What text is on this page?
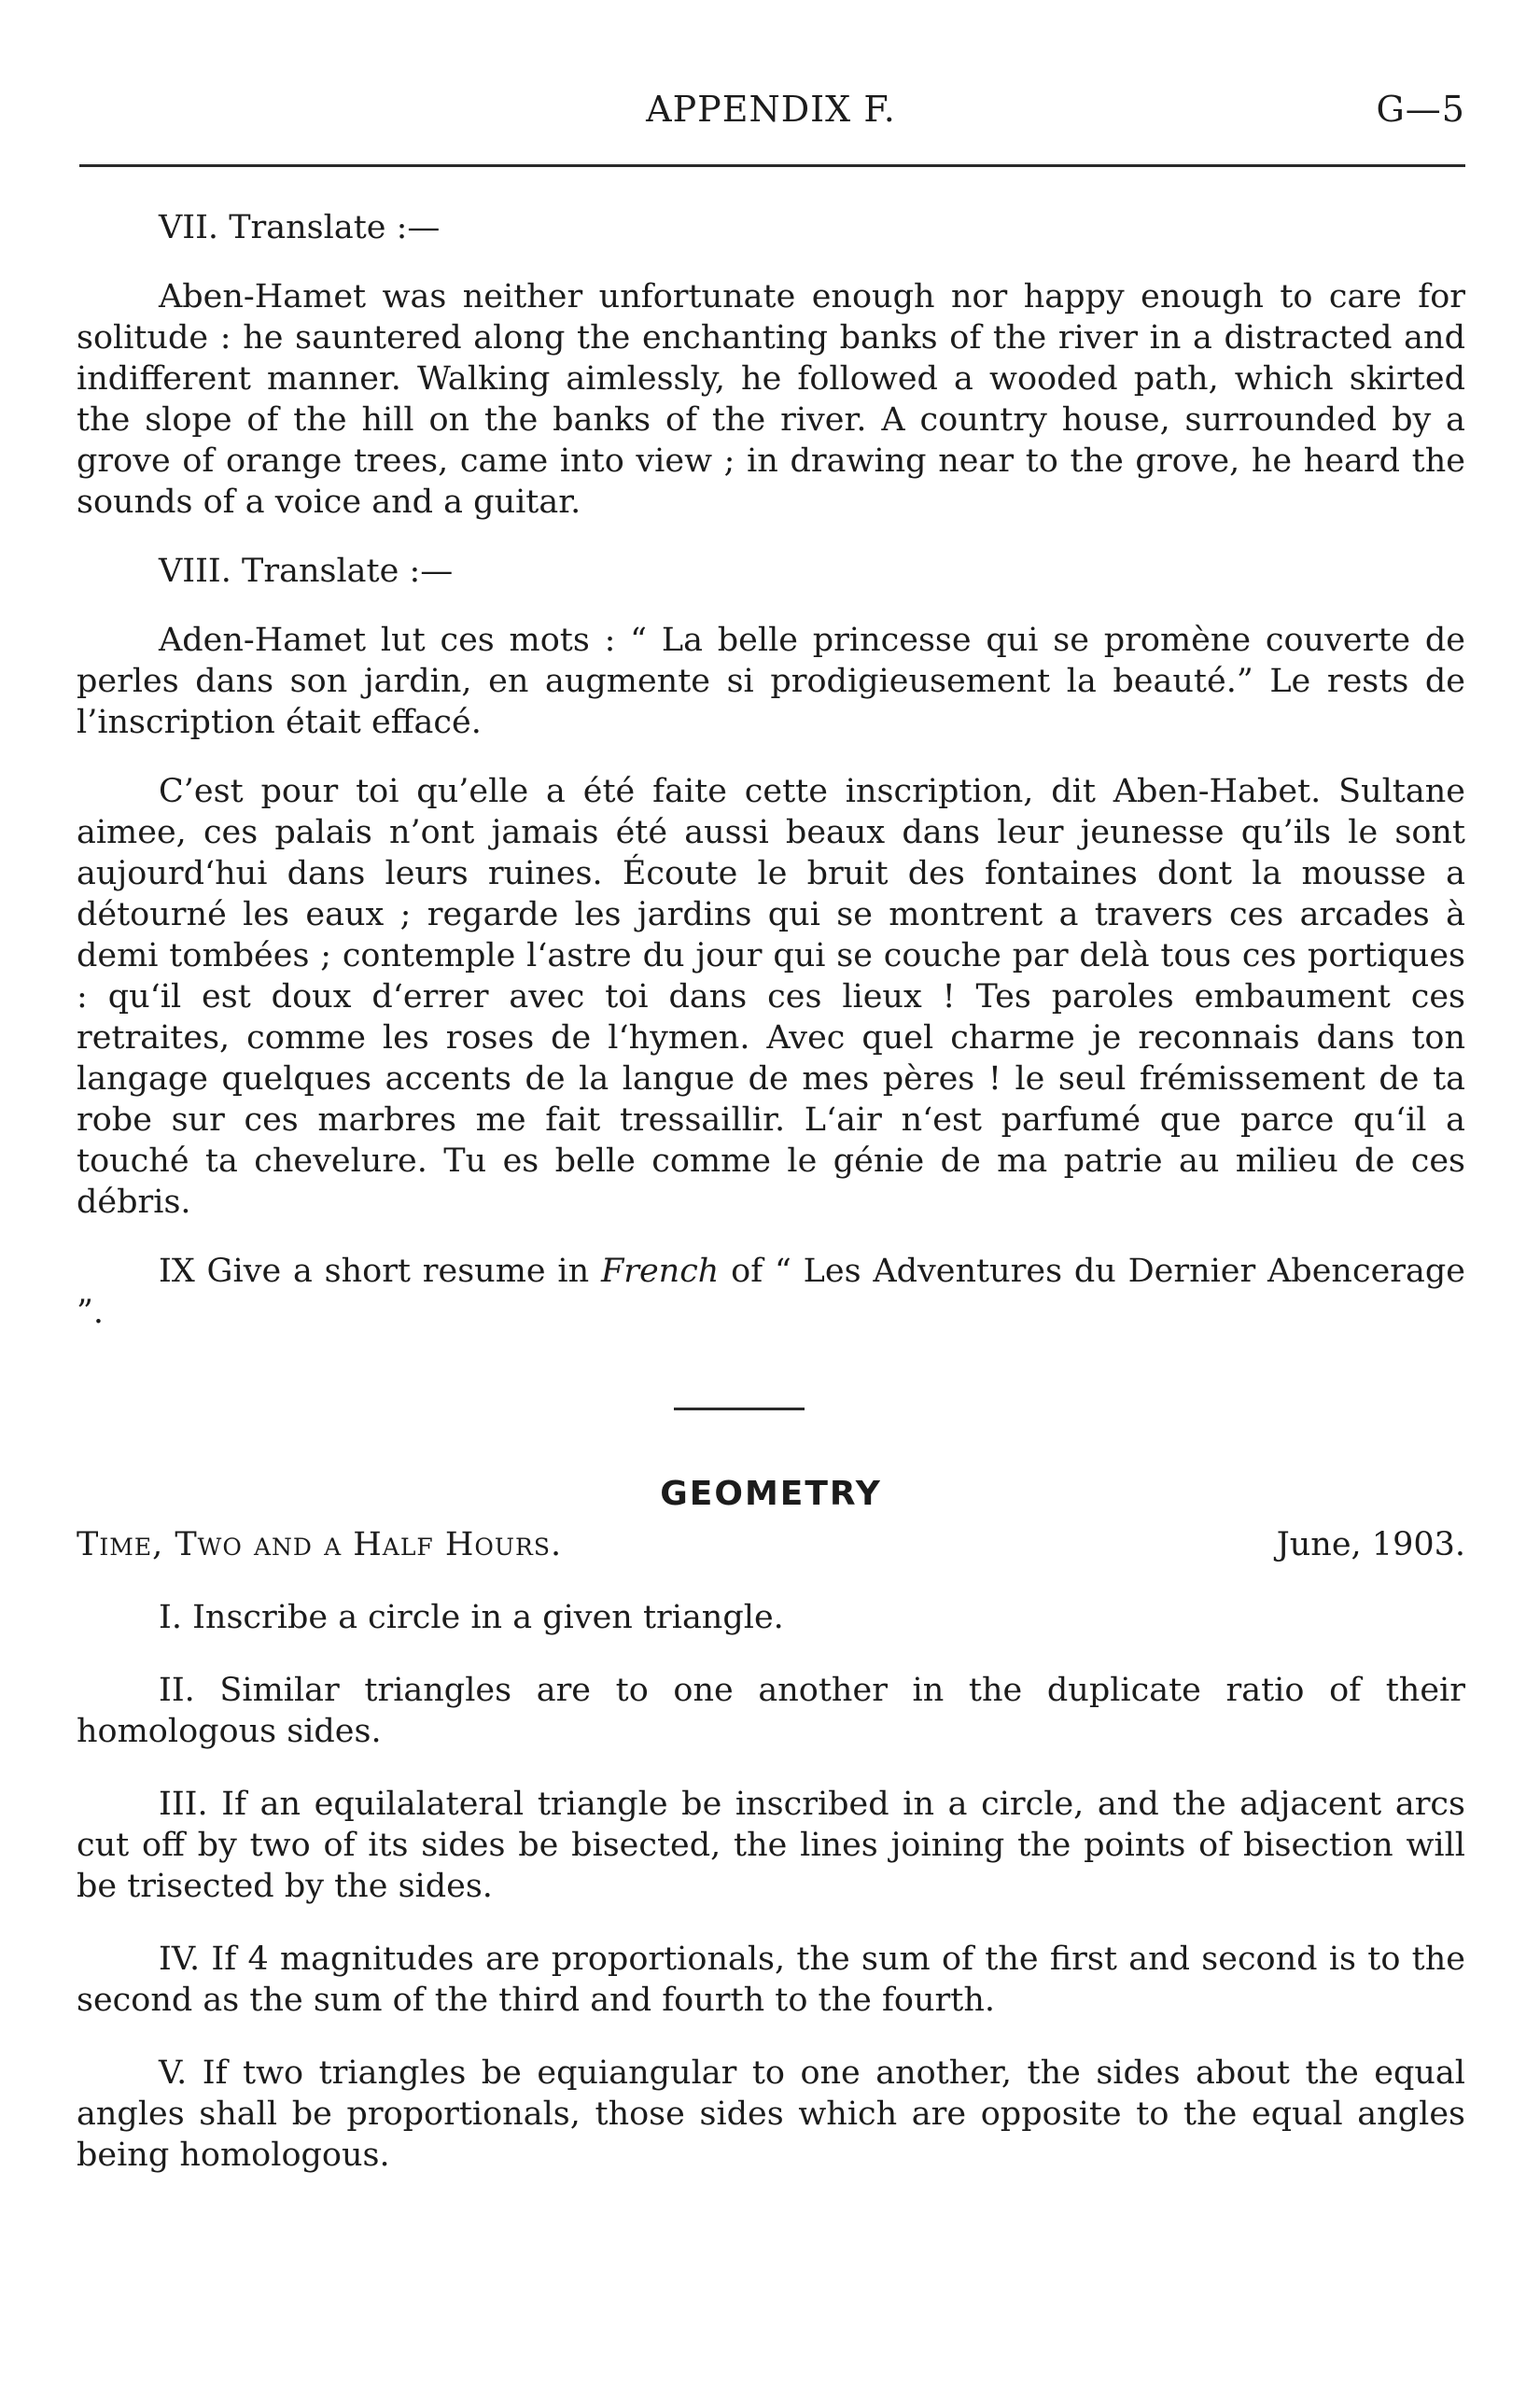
APPENDIX F.	G—5

VII. Translate :—

Aben-Hamet was neither unfortunate enough nor happy enough to care for solitude : he sauntered along the enchanting banks of the river in a distracted and indifferent manner. Walking aimlessly, he followed a wooded path, which skirted the slope of the hill on the banks of the river. A country house, surrounded by a grove of orange trees, came into view ; in drawing near to the grove, he heard the sounds of a voice and a guitar.

VIII. Translate :—

Aden-Hamet lut ces mots : “ La belle princesse qui se promène couverte de perles dans son jardin, en augmente si prodigieusement la beauté.” Le rests de l’inscription était effacé.

C’est pour toi qu’elle a été faite cette inscription, dit Aben-Habet. Sultane aimee, ces palais n’ont jamais été aussi beaux dans leur jeunesse qu’ils le sont aujourd‘hui dans leurs ruines. Écoute le bruit des fontaines dont la mousse a détourné les eaux ; regarde les jardins qui se montrent a travers ces arcades à demi tombées ; contemple l‘astre du jour qui se couche par delà tous ces portiques : qu‘il est doux d‘errer avec toi dans ces lieux ! Tes paroles embaument ces retraites, comme les roses de l‘hymen. Avec quel charme je reconnais dans ton langage quelques accents de la langue de mes pères ! le seul frémissement de ta robe sur ces marbres me fait tressaillir. L‘air n‘est parfumé que parce qu‘il a touché ta chevelure. Tu es belle comme le génie de ma patrie au milieu de ces débris.

IX Give a short resume in French of “ Les Adventures du Dernier Abencerage ”.

GEOMETRY
Time, Two and a Half Hours.	June, 1903.

I. Inscribe a circle in a given triangle.

II. Similar triangles are to one another in the duplicate ratio of their homologous sides.

III. If an equilalateral triangle be inscribed in a circle, and the adjacent arcs cut off by two of its sides be bisected, the lines joining the points of bisection will be trisected by the sides.

IV. If 4 magnitudes are proportionals, the sum of the first and second is to the second as the sum of the third and fourth to the fourth.

V. If two triangles be equiangular to one another, the sides about the equal angles shall be proportionals, those sides which are opposite to the equal angles being homologous.
